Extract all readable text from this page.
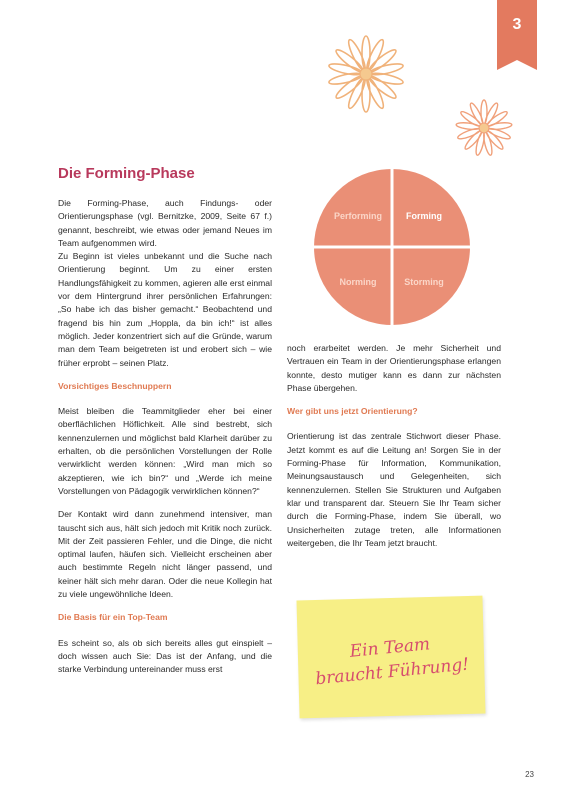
3
Die Forming-Phase

Die Forming-Phase, auch Findungs- oder Orientierungsphase (vgl. Bernitzke, 2009, Seite 67 f.) genannt, beschreibt, wie etwas oder jemand Neues im Team aufgenommen wird.

Zu Beginn ist vieles unbekannt und die Suche nach Orientierung beginnt. Um zu einer ersten Handlungsfähigkeit zu kommen, agieren alle erst einmal vor dem Hintergrund ihrer persönlichen Erfahrungen: „So habe ich das bisher gemacht.“ Beobachtend und fragend bis hin zum „Hoppla, da bin ich!“ ist alles möglich. Jeder konzentriert sich auf die Gründe, warum man dem Team beigetreten ist und erobert sich – wie früher erprobt – seinen Platz.

Vorsichtiges Beschnuppern

Meist bleiben die Teammitglieder eher bei einer oberflächlichen Höflichkeit. Alle sind bestrebt, sich kennenzulernen und möglichst bald Klarheit darüber zu erhalten, ob die persönlichen Vorstellungen der Rolle verwirklicht werden können: „Wird man mich so akzeptieren, wie ich bin?“ und „Werde ich meine Vorstellungen von Pädagogik verwirklichen können?“

Der Kontakt wird dann zunehmend intensiver, man tauscht sich aus, hält sich jedoch mit Kritik noch zurück. Mit der Zeit passieren Fehler, und die Dinge, die nicht optimal laufen, häufen sich. Vielleicht erscheinen aber auch bestimmte Regeln nicht länger passend, und keiner hält sich mehr daran. Oder die neue Kollegin hat zu viele ungewöhnliche Ideen.

Die Basis für ein Top-Team

Es scheint so, als ob sich bereits alles gut einspielt – doch wissen auch Sie: Das ist der Anfang, und die starke Verbindung untereinander muss erst

Performing	Forming
Norming	Storming

noch erarbeitet werden. Je mehr Sicherheit und Vertrauen ein Team in der Orientierungsphase erlangen konnte, desto mutiger kann es dann zur nächsten Phase übergehen.

Wer gibt uns jetzt Orientierung?

Orientierung ist das zentrale Stichwort dieser Phase. Jetzt kommt es auf die Leitung an! Sorgen Sie in der Forming-Phase für Information, Kommunikation, Meinungsaustausch und Gelegenheiten, sich kennenzulernen. Stellen Sie Strukturen und Aufgaben klar und transparent dar. Steuern Sie Ihr Team sicher durch die Forming-Phase, indem Sie überall, wo Unsicherheiten zutage treten, alle Informationen weitergeben, die Ihr Team jetzt braucht.

Ein Team
braucht Führung!
23
